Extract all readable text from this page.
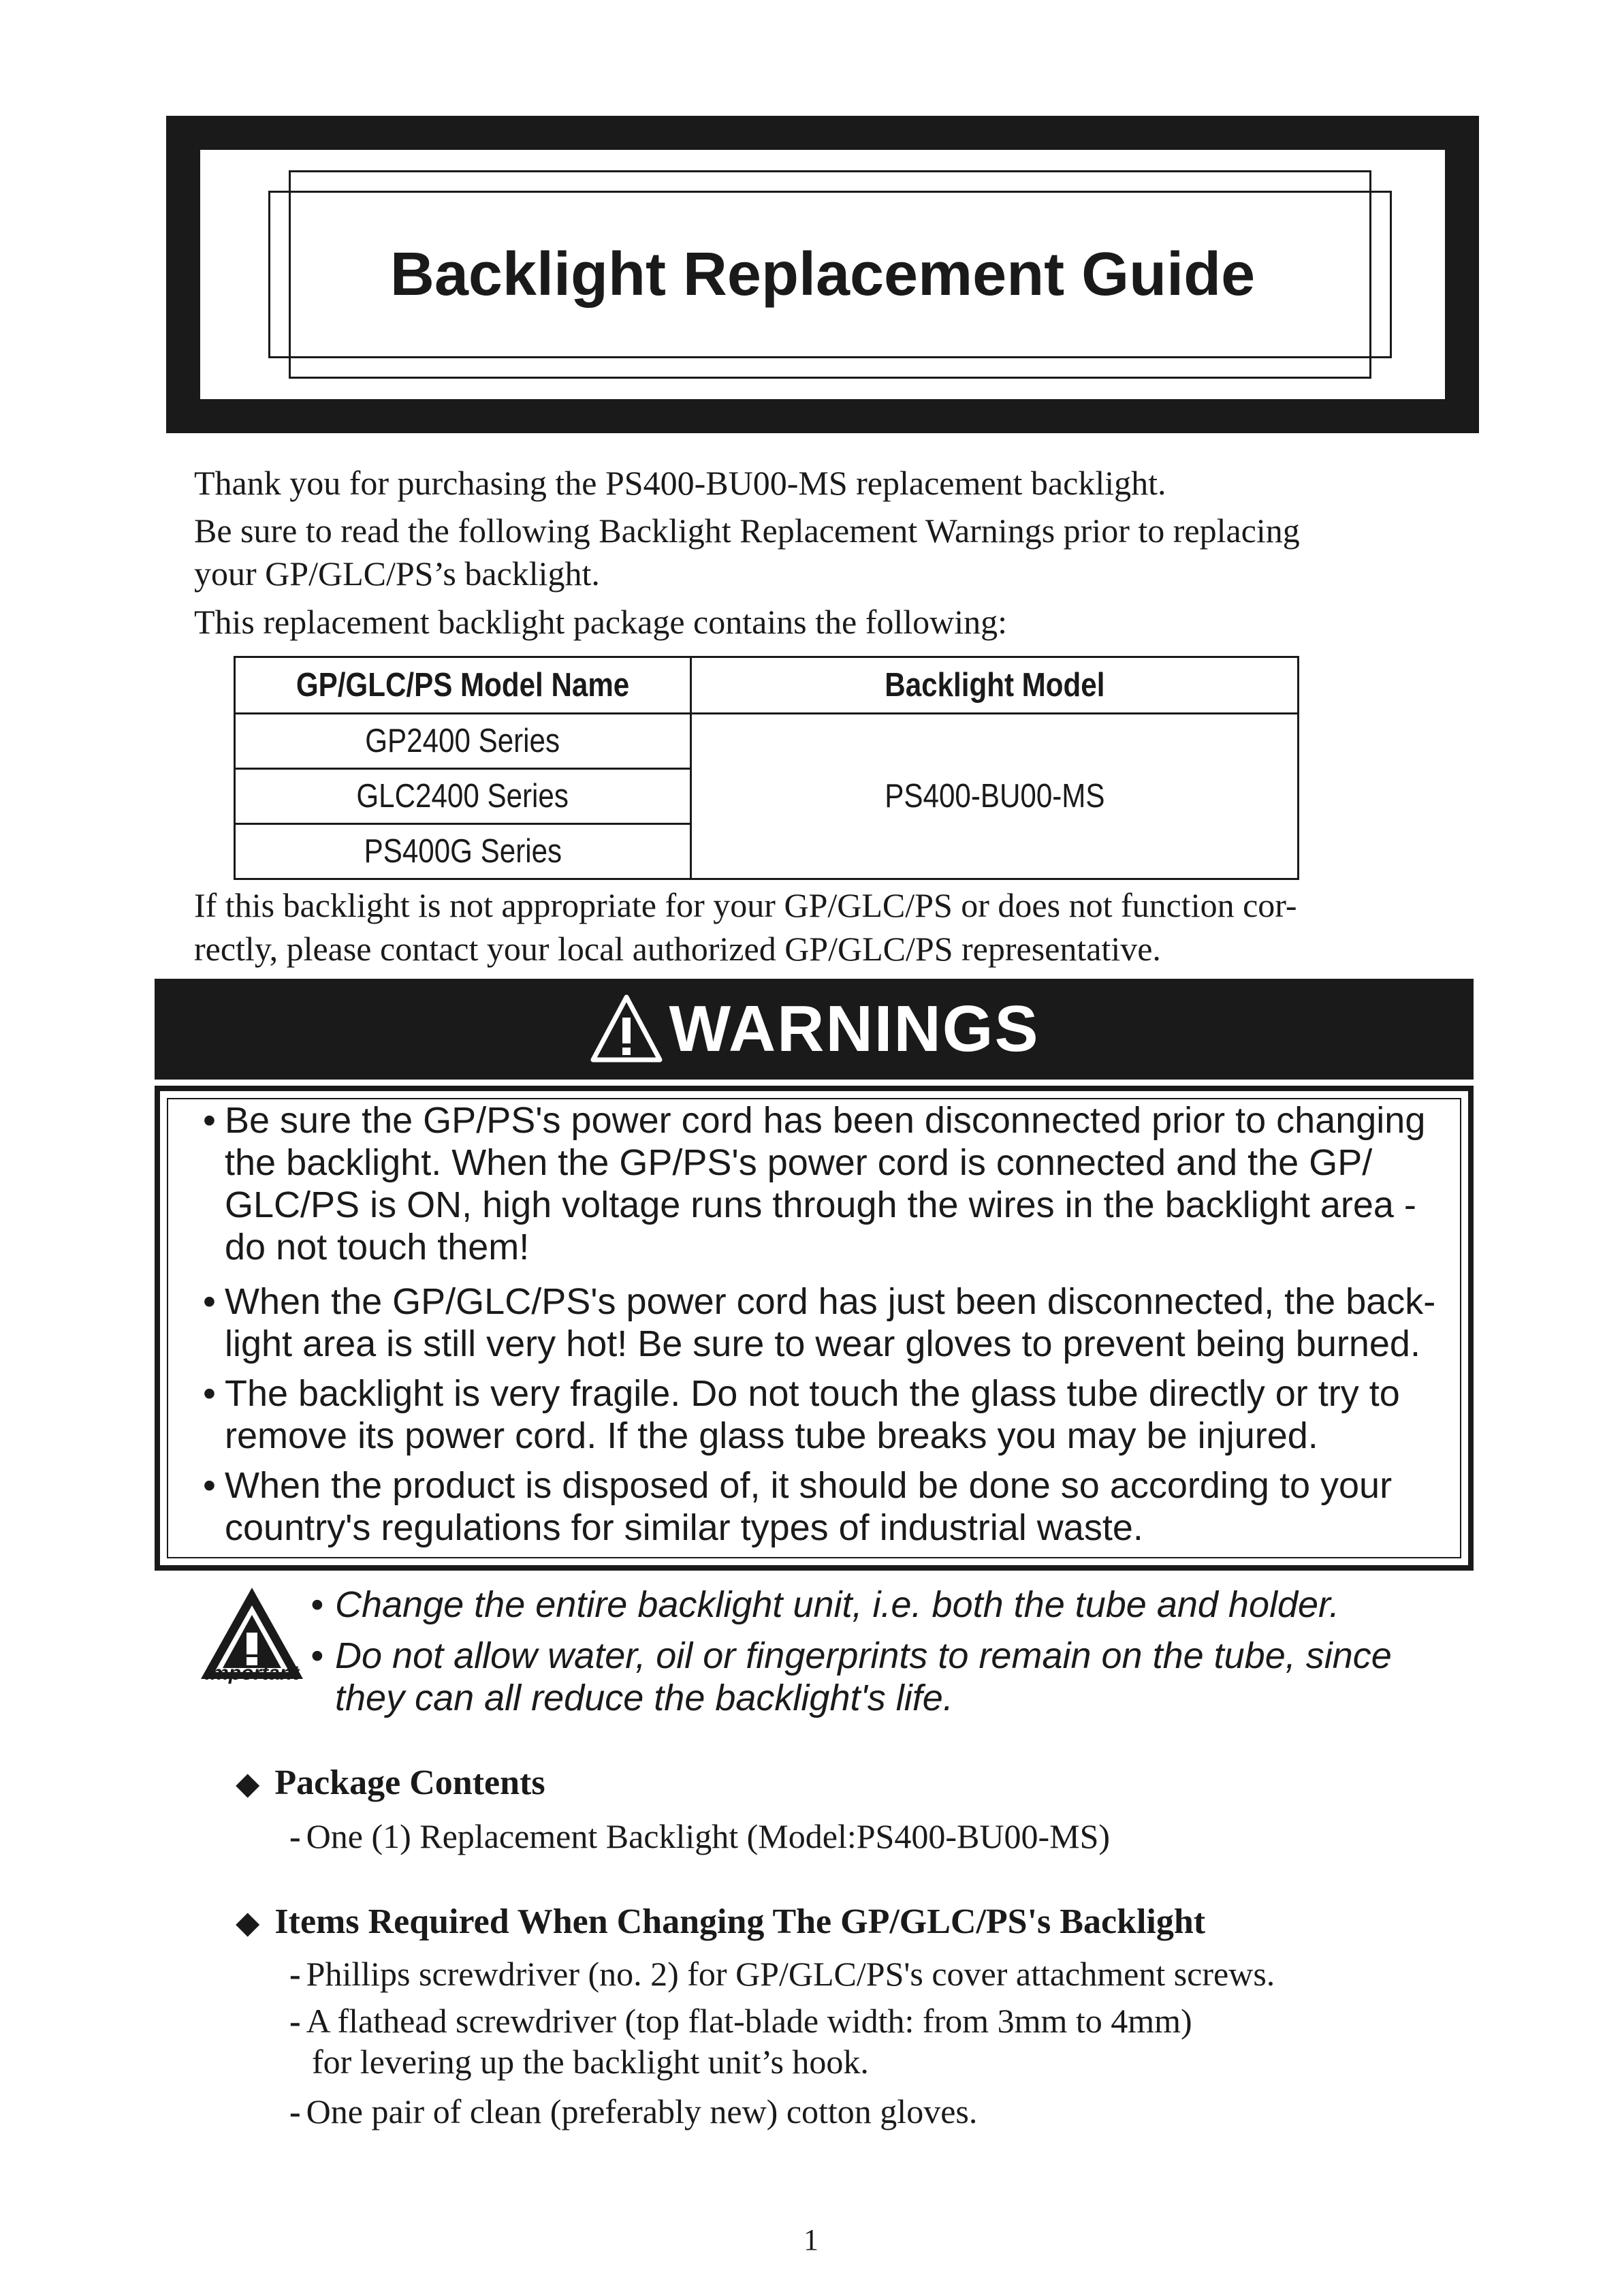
Backlight Replacement Guide
Thank you for purchasing the PS400-BU00-MS replacement backlight.
Be sure to read the following Backlight Replacement Warnings prior to replacing
your GP/GLC/PS’s backlight.
This replacement backlight package contains the following:
GP/GLC/PS Model Name	Backlight Model
GP2400 Series	PS400-BU00-MS
GLC2400 Series	
PS400G Series	
If this backlight is not appropriate for your GP/GLC/PS or does not function cor-
rectly, please contact your local authorized GP/GLC/PS representative.
WARNINGS
• Be sure the GP/PS's power cord has been disconnected prior to changing
the backlight. When the GP/PS's power cord is connected and the GP/
GLC/PS is ON, high voltage runs through the wires in the backlight area -
do not touch them!
• When the GP/GLC/PS's power cord has just been disconnected, the back-
light area is still very hot! Be sure to wear gloves to prevent being burned.
• The backlight is very fragile. Do not touch the glass tube directly or try to
remove its power cord. If the glass tube breaks you may be injured.
• When the product is disposed of, it should be done so according to your
country's regulations for similar types of industrial waste.
Important
• Change the entire backlight unit, i.e. both the tube and holder.
• Do not allow water, oil or fingerprints to remain on the tube, since
they can all reduce the backlight's life.
◆ Package Contents
- One (1) Replacement Backlight (Model:PS400-BU00-MS)
◆ Items Required When Changing The GP/GLC/PS's Backlight
- Phillips screwdriver (no. 2) for GP/GLC/PS's cover attachment screws.
- A flathead screwdriver (top flat-blade width: from 3mm to 4mm)
for levering up the backlight unit’s hook.
- One pair of clean (preferably new) cotton gloves.
1
